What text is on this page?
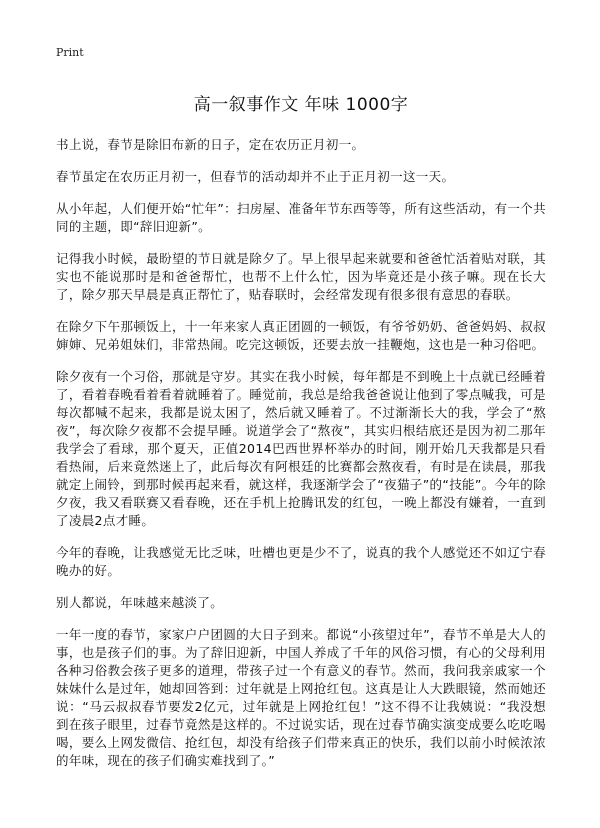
Print
高一叙事作文 年味 1000字

书上说，春节是除旧布新的日子，定在农历正月初一。

春节虽定在农历正月初一，但春节的活动却并不止于正月初一这一天。

从小年起，人们便开始“忙年”：扫房屋、准备年节东西等等，所有这些活动，有一个共同的主题，即“辞旧迎新”。

记得我小时候，最盼望的节日就是除夕了。早上很早起来就要和爸爸忙活着贴对联，其实也不能说那时是和爸爸帮忙，也帮不上什么忙，因为毕竟还是小孩子嘛。现在长大了，除夕那天早晨是真正帮忙了，贴春联时，会经常发现有很多很有意思的春联。

在除夕下午那顿饭上，十一年来家人真正团圆的一顿饭，有爷爷奶奶、爸爸妈妈、叔叔婶婶、兄弟姐妹们，非常热闹。吃完这顿饭，还要去放一挂鞭炮，这也是一种习俗吧。

除夕夜有一个习俗，那就是守岁。其实在我小时候，每年都是不到晚上十点就已经睡着了，看着春晚看着看着就睡着了。睡觉前，我总是给我爸爸说让他到了零点喊我，可是每次都喊不起来，我都是说太困了，然后就又睡着了。不过渐渐长大的我，学会了“熬夜”，每次除夕夜都不会提早睡。说道学会了“熬夜”，其实归根结底还是因为初二那年我学会了看球，那个夏天，正值2014巴西世界杯举办的时间，刚开始几天我都是只看看热闹，后来竟然迷上了，此后每次有阿根廷的比赛都会熬夜看，有时是在读晨，那我就定上闹铃，到那时候再起来看，就这样，我逐渐学会了“夜猫子”的“技能”。今年的除夕夜，我又看联赛又看春晚，还在手机上抢腾讯发的红包，一晚上都没有嫌着，一直到了凌晨2点才睡。

今年的春晚，让我感觉无比乏味，吐槽也更是少不了，说真的我个人感觉还不如辽宁春晚办的好。

别人都说，年味越来越淡了。

一年一度的春节，家家户户团圆的大日子到来。都说“小孩望过年”，春节不单是大人的事，也是孩子们的事。为了辞旧迎新，中国人养成了千年的风俗习惯，有心的父母利用各种习俗教会孩子更多的道理，带孩子过一个有意义的春节。然而，我问我亲戚家一个妹妹什么是过年，她却回答到：过年就是上网抢红包。这真是让人大跌眼镜，然而她还说：“马云叔叔春节要发2亿元，过年就是上网抢红包！”这不得不让我姨说：“我没想到在孩子眼里，过春节竟然是这样的。不过说实话，现在过春节确实演变成要么吃吃喝喝，要么上网发微信、抢红包，却没有给孩子们带来真正的快乐，我们以前小时候浓浓的年味，现在的孩子们确实难找到了。”
